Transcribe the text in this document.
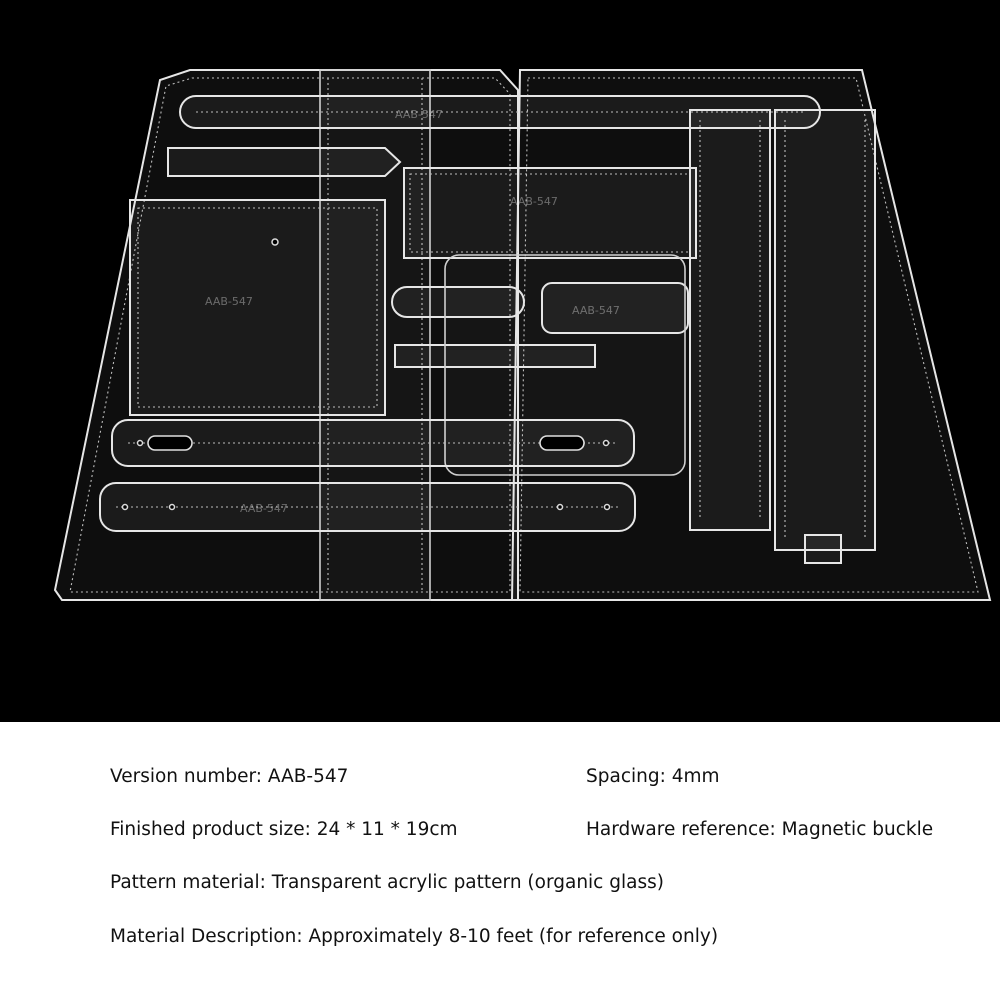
AAB-547
AAB-547
AAB-547
AAB-547
Version number: AAB-547	Spacing: 4mm
Finished product size: 24 * 11 * 19cm	Hardware reference: Magnetic buckle
Pattern material: Transparent acrylic pattern (organic glass)
Material Description: Approximately 8-10 feet (for reference only)
